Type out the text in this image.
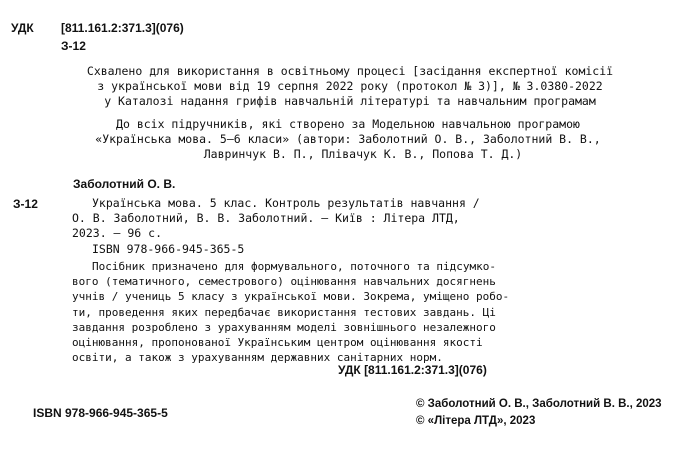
УДК [811.161.2:371.3](076)
З-12
Схвалено для використання в освітньому процесі [засідання експертної комісії
з української мови від 19 серпня 2022 року (протокол № 3)], № 3.0380-2022
у Каталозі надання грифів навчальній літературі та навчальним програмам
До всіх підручників, які створено за Модельною навчальною програмою
«Українська мова. 5–6 класи» (автори: Заболотний О. В., Заболотний В. В.,
Лавринчук В. П., Плівачук К. В., Попова Т. Д.)
Заболотний О. В.
З-12	Українська мова. 5 клас. Контроль результатів навчання /
О. В. Заболотний, В. В. Заболотний. – Київ : Літера ЛТД,
2023. – 96 с.
ISBN 978-966-945-365-5
Посібник призначено для формувального, поточного та підсумко-
вого (тематичного, семестрового) оцінювання навчальних досягнень
учнів / учениць 5 класу з української мови. Зокрема, уміщено робо-
ти, проведення яких передбачає використання тестових завдань. Ці
завдання розроблено з урахуванням моделі зовнішнього незалежного
оцінювання, пропонованої Українським центром оцінювання якості
освіти, а також з урахуванням державних санітарних норм.
УДК [811.161.2:371.3](076)
ISBN 978-966-945-365-5
© Заболотний О. В., Заболотний В. В., 2023
© «Літера ЛТД», 2023
